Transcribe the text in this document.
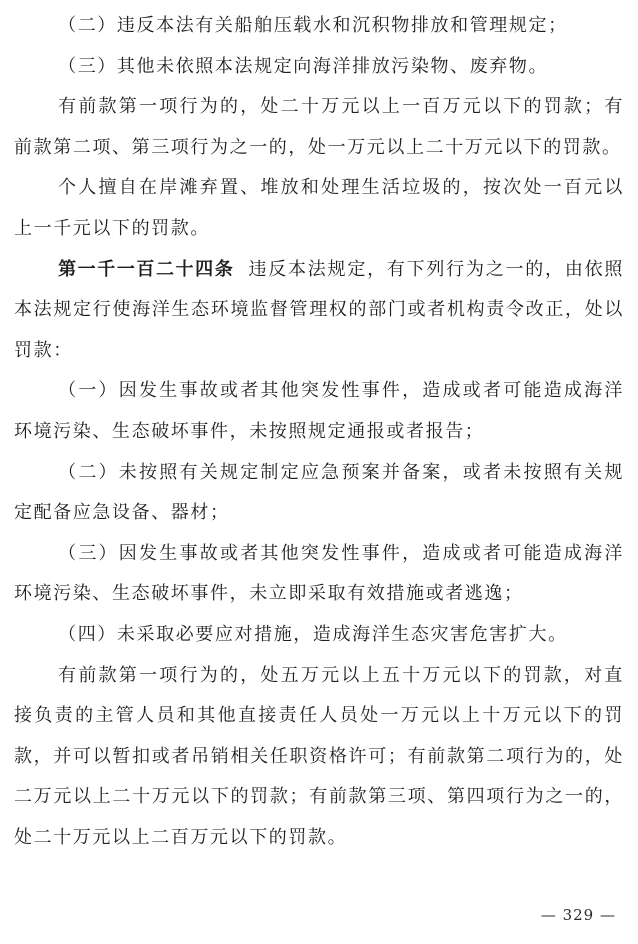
（二）违反本法有关船舶压载水和沉积物排放和管理规定；

（三）其他未依照本法规定向海洋排放污染物、废弃物。

有前款第一项行为的，处二十万元以上一百万元以下的罚款；有前款第二项、第三项行为之一的，处一万元以上二十万元以下的罚款。

个人擅自在岸滩弃置、堆放和处理生活垃圾的，按次处一百元以上一千元以下的罚款。

第一千一百二十四条 违反本法规定，有下列行为之一的，由依照本法规定行使海洋生态环境监督管理权的部门或者机构责令改正，处以罚款：

（一）因发生事故或者其他突发性事件，造成或者可能造成海洋环境污染、生态破坏事件，未按照规定通报或者报告；

（二）未按照有关规定制定应急预案并备案，或者未按照有关规定配备应急设备、器材；

（三）因发生事故或者其他突发性事件，造成或者可能造成海洋环境污染、生态破坏事件，未立即采取有效措施或者逃逸；

（四）未采取必要应对措施，造成海洋生态灾害危害扩大。

有前款第一项行为的，处五万元以上五十万元以下的罚款，对直接负责的主管人员和其他直接责任人员处一万元以上十万元以下的罚款，并可以暂扣或者吊销相关任职资格许可；有前款第二项行为的，处二万元以上二十万元以下的罚款；有前款第三项、第四项行为之一的，处二十万元以上二百万元以下的罚款。

— 329 —
